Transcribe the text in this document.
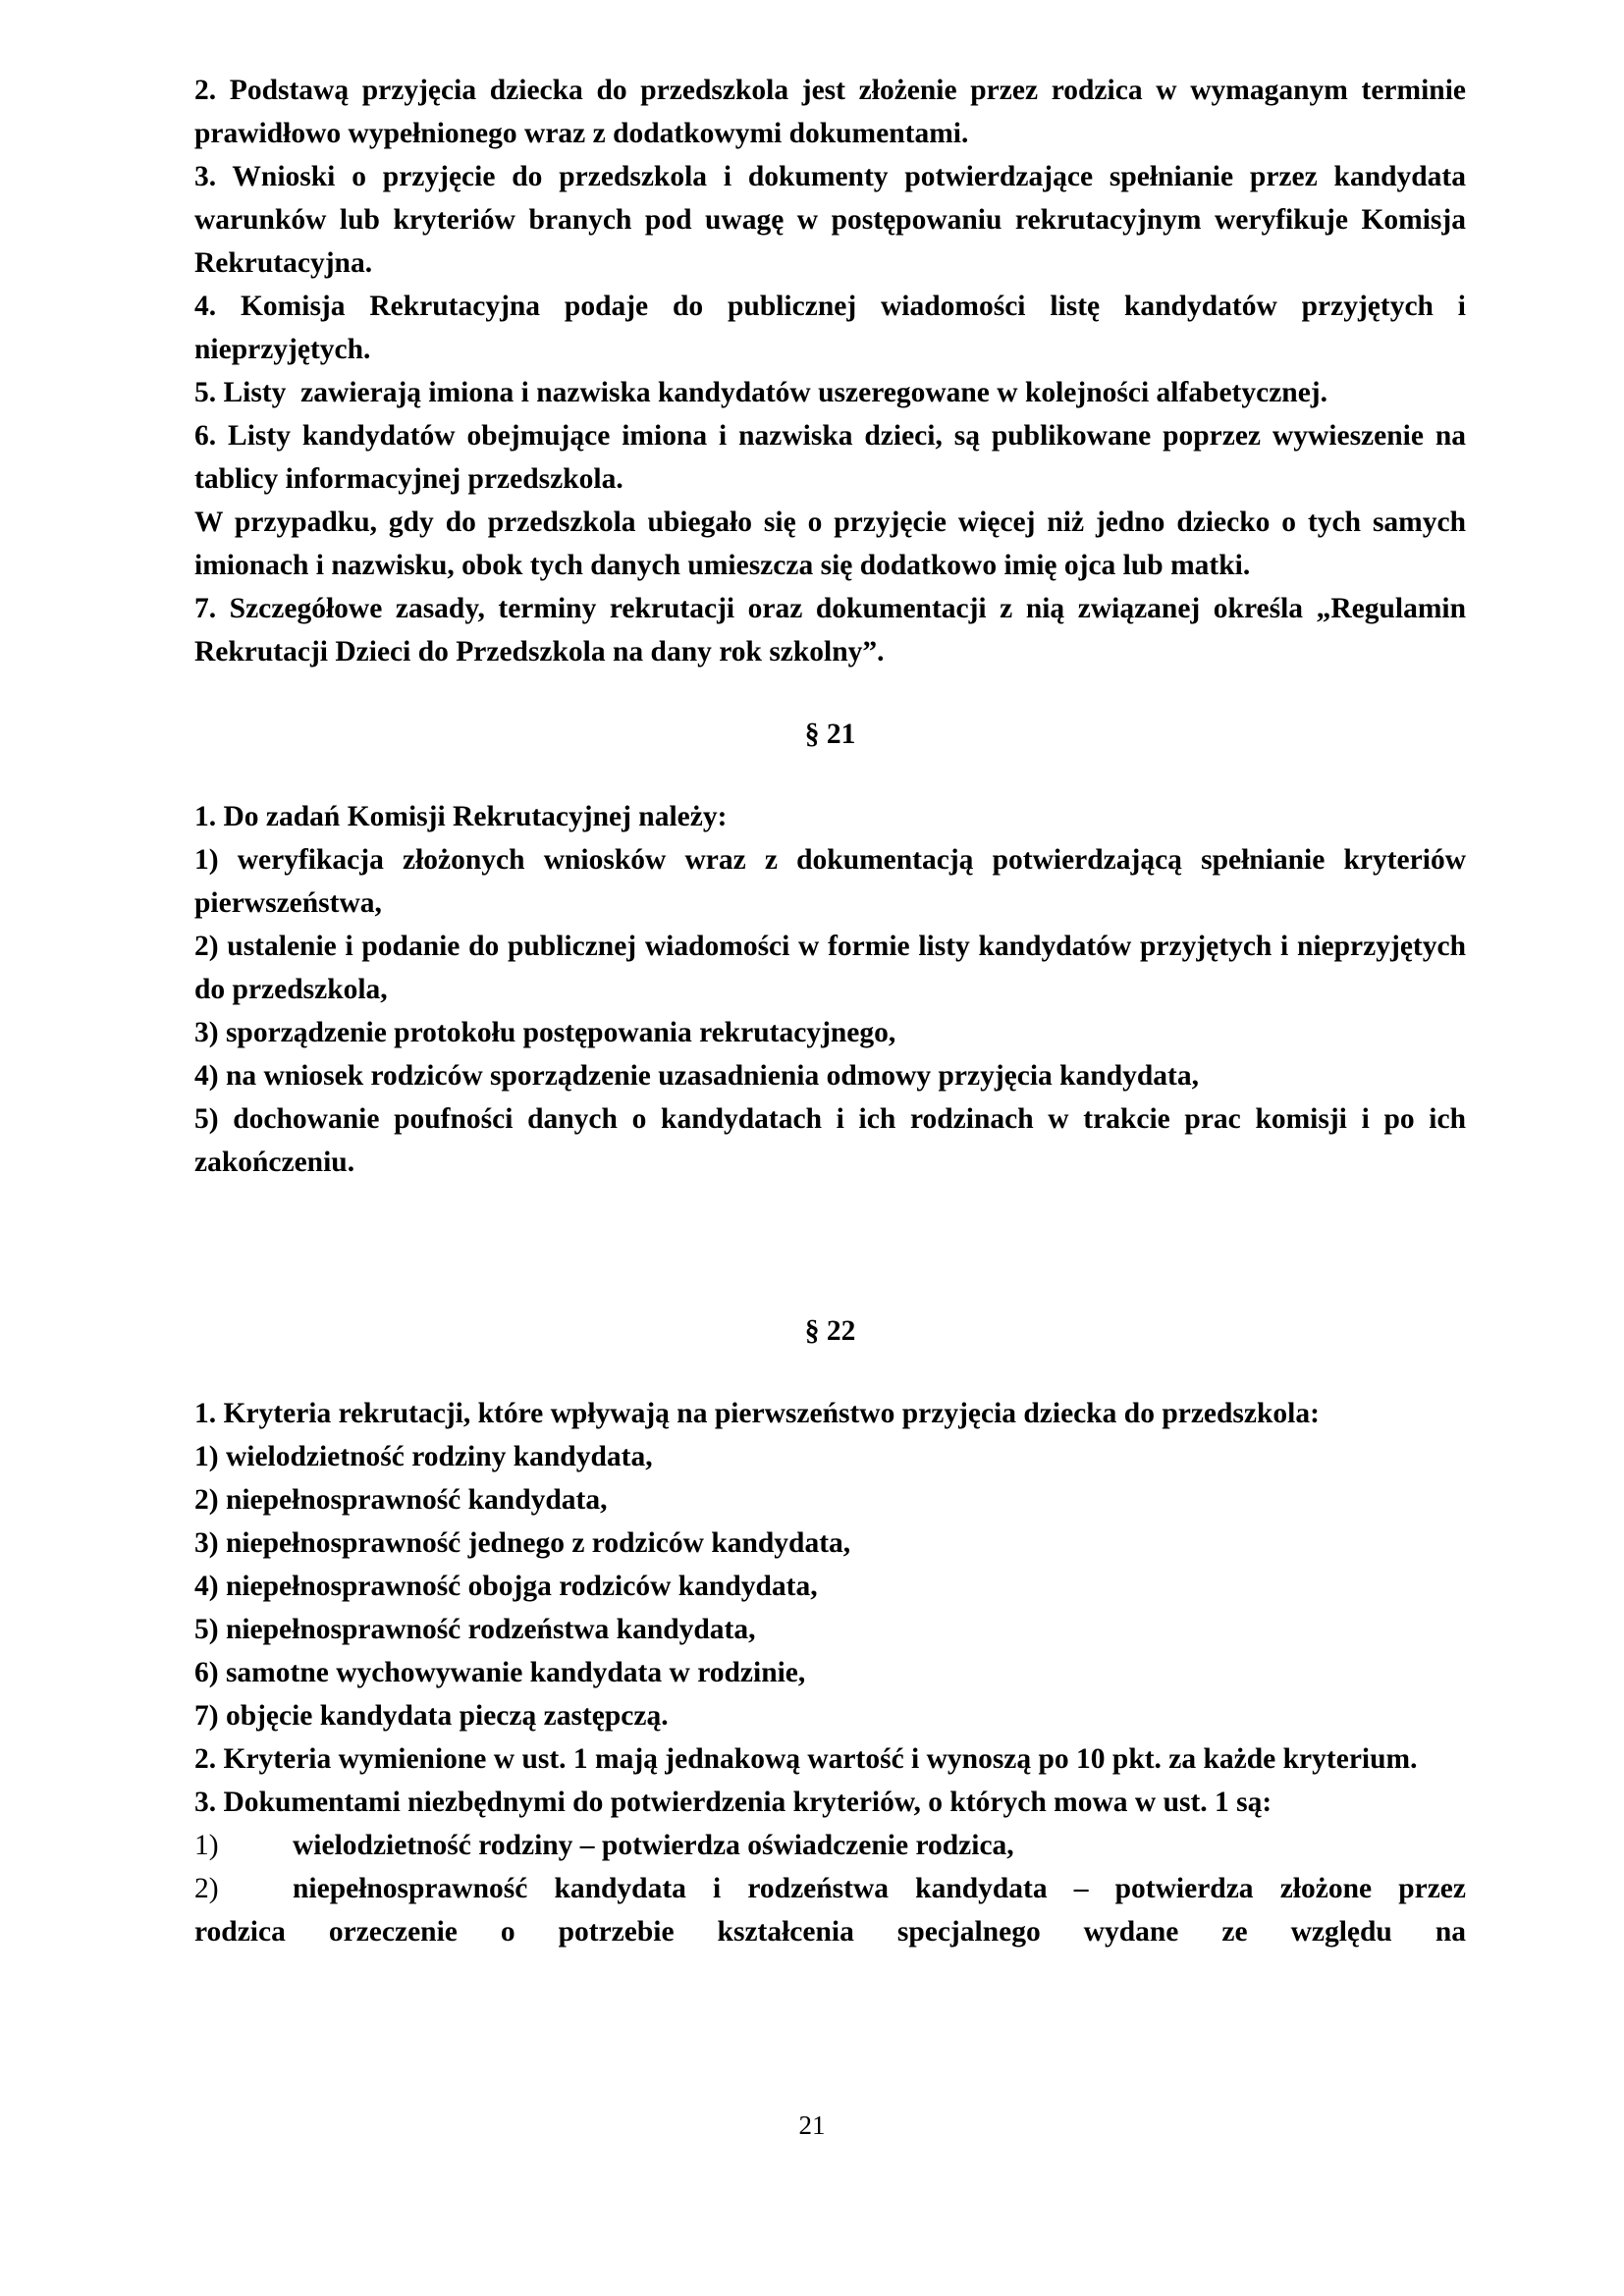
2. Podstawą przyjęcia dziecka do przedszkola jest złożenie przez rodzica w wymaganym terminie prawidłowo wypełnionego wraz z dodatkowymi dokumentami.

3. Wnioski o przyjęcie do przedszkola i dokumenty potwierdzające spełnianie przez kandydata warunków lub kryteriów branych pod uwagę w postępowaniu rekrutacyjnym weryfikuje Komisja Rekrutacyjna.

4. Komisja Rekrutacyjna podaje do publicznej wiadomości listę kandydatów przyjętych i nieprzyjętych.

5. Listy  zawierają imiona i nazwiska kandydatów uszeregowane w kolejności alfabetycznej.

6. Listy kandydatów obejmujące imiona i nazwiska dzieci, są publikowane poprzez wywieszenie na tablicy informacyjnej przedszkola.

W przypadku, gdy do przedszkola ubiegało się o przyjęcie więcej niż jedno dziecko o tych samych imionach i nazwisku, obok tych danych umieszcza się dodatkowo imię ojca lub matki.

7. Szczegółowe zasady, terminy rekrutacji oraz dokumentacji z nią związanej określa „Regulamin Rekrutacji Dzieci do Przedszkola na dany rok szkolny”.

§ 21

1. Do zadań Komisji Rekrutacyjnej należy:

1) weryfikacja złożonych wniosków wraz z dokumentacją potwierdzającą spełnianie kryteriów pierwszeństwa,

2) ustalenie i podanie do publicznej wiadomości w formie listy kandydatów przyjętych i nieprzyjętych do przedszkola,

3) sporządzenie protokołu postępowania rekrutacyjnego,

4) na wniosek rodziców sporządzenie uzasadnienia odmowy przyjęcia kandydata,

5) dochowanie poufności danych o kandydatach i ich rodzinach w trakcie prac komisji i po ich zakończeniu.

§ 22

1. Kryteria rekrutacji, które wpływają na pierwszeństwo przyjęcia dziecka do przedszkola:

1) wielodzietność rodziny kandydata,

2) niepełnosprawność kandydata,

3) niepełnosprawność jednego z rodziców kandydata,

4) niepełnosprawność obojga rodziców kandydata,

5) niepełnosprawność rodzeństwa kandydata,

6) samotne wychowywanie kandydata w rodzinie,

7) objęcie kandydata pieczą zastępczą.

2. Kryteria wymienione w ust. 1 mają jednakową wartość i wynoszą po 10 pkt. za każde kryterium.

3. Dokumentami niezbędnymi do potwierdzenia kryteriów, o których mowa w ust. 1 są:

1)	wielodzietność rodziny – potwierdza oświadczenie rodzica,
2)	niepełnosprawność kandydata i rodzeństwa kandydata – potwierdza złożone przez

rodzica orzeczenie o potrzebie kształcenia specjalnego wydane ze względu na

21
